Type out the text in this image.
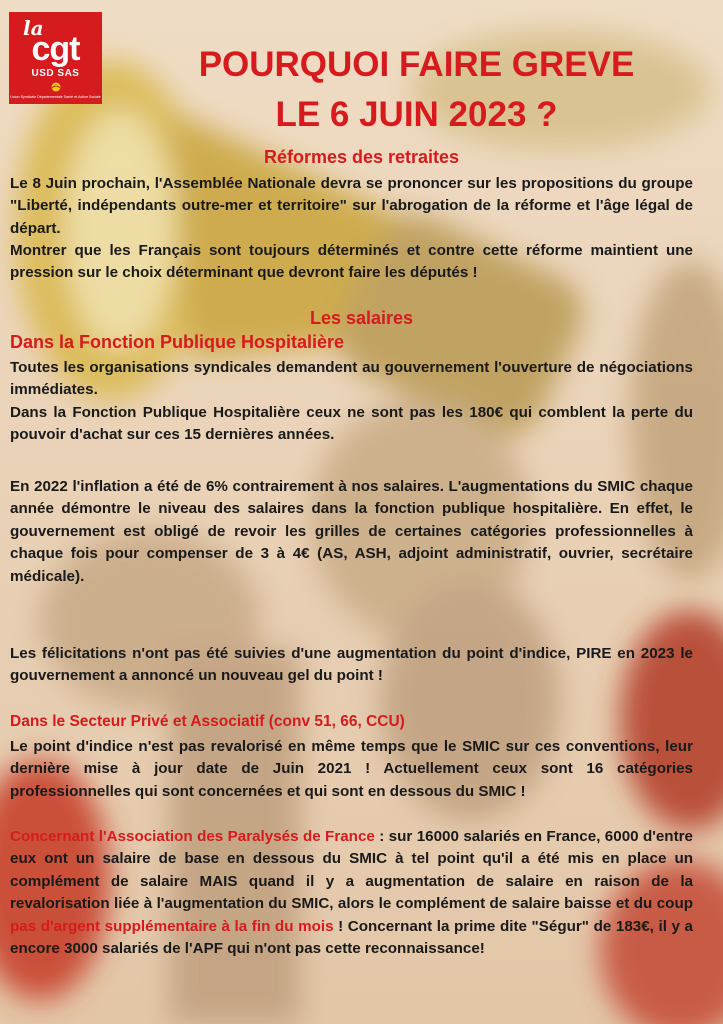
la
cgt
USD SAS
Union Syndicale Départementale Santé et Action Sociale
POURQUOI FAIRE GREVE
LE 6 JUIN 2023 ?
Réformes des retraites

Le 8 Juin prochain, l'Assemblée Nationale devra se prononcer sur les propositions du groupe "Liberté, indépendants outre-mer et territoire" sur l'abrogation de la réforme et l'âge légal de départ.

Montrer que les Français sont toujours déterminés et contre cette réforme maintient une pression sur le choix déterminant que devront faire les députés !

Les salaires
Dans la Fonction Publique Hospitalière

Toutes les organisations syndicales demandent au gouvernement l'ouverture de négociations immédiates.

Dans la Fonction Publique Hospitalière ceux ne sont pas les 180€ qui comblent la perte du pouvoir d'achat sur ces 15 dernières années.

En 2022 l'inflation a été de 6% contrairement à nos salaires. L'augmentations du SMIC chaque année démontre le niveau des salaires dans la fonction publique hospitalière. En effet, le gouvernement est obligé de revoir les grilles de certaines catégories professionnelles à chaque fois pour compenser de 3 à 4€ (AS, ASH, adjoint administratif, ouvrier, secrétaire médicale).

Les félicitations n'ont pas été suivies d'une augmentation du point d'indice, PIRE en 2023 le gouvernement a annoncé un nouveau gel du point !

Dans le Secteur Privé et Associatif (conv 51, 66, CCU)

Le point d'indice n'est pas revalorisé en même temps que le SMIC sur ces conventions, leur dernière mise à jour date de Juin 2021 ! Actuellement ceux sont 16 catégories professionnelles qui sont concernées et qui sont en dessous du SMIC !

Concernant l'Association des Paralysés de France : sur 16000 salariés en France, 6000 d'entre eux ont un salaire de base en dessous du SMIC à tel point qu'il a été mis en place un complément de salaire MAIS quand il y a augmentation de salaire en raison de la revalorisation liée à l'augmentation du SMIC, alors le complément de salaire baisse et du coup pas d'argent supplémentaire à la fin du mois ! Concernant la prime dite "Ségur" de 183€, il y a encore 3000 salariés de l'APF qui n'ont pas cette reconnaissance!
